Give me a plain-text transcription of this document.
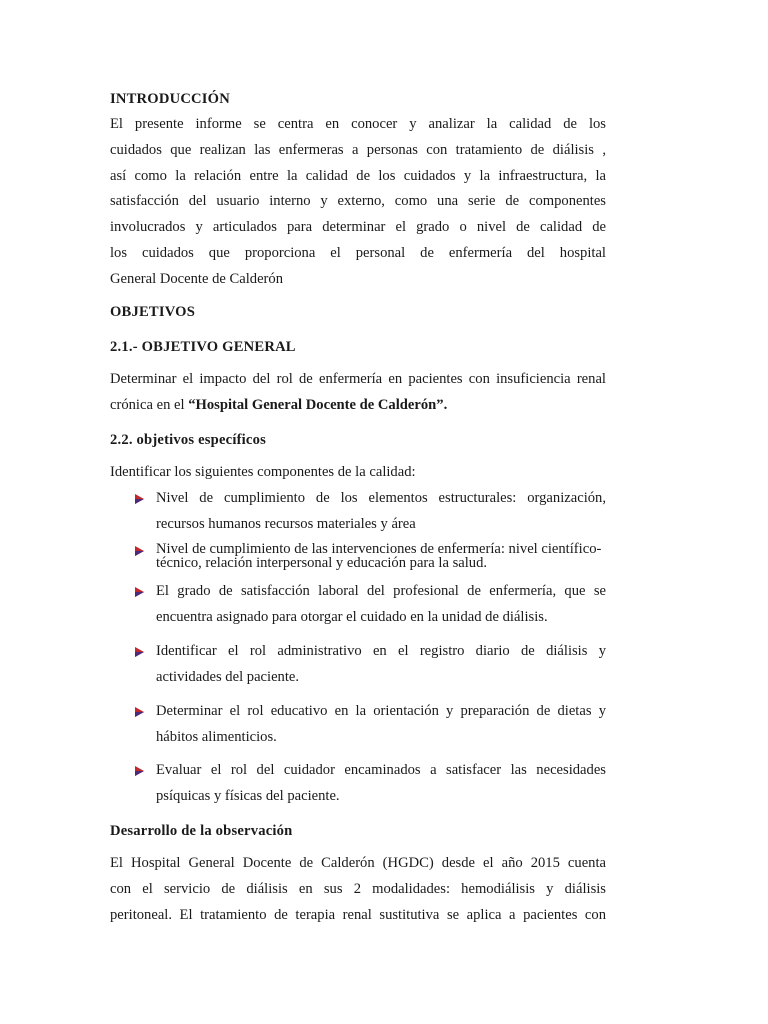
INTRODUCCIÓN
El presente informe se centra en conocer y analizar la calidad de los
cuidados que realizan las enfermeras a personas con tratamiento de diálisis ,
así como la relación entre la calidad de los cuidados y la infraestructura, la
satisfacción del usuario interno y externo, como una serie de componentes
involucrados y articulados para determinar el grado o nivel de calidad de
los cuidados que proporciona el personal de enfermería del hospital
General Docente de Calderón
OBJETIVOS
2.1.- OBJETIVO GENERAL
Determinar el impacto del rol de enfermería en pacientes con insuficiencia renal
crónica en el “Hospital General Docente de Calderón”.
2.2. objetivos específicos
Identificar los siguientes componentes de la calidad:
Nivel de cumplimiento de los elementos estructurales: organización,
recursos humanos recursos materiales y área
Nivel de cumplimiento de las intervenciones de enfermería: nivel científico-
técnico, relación interpersonal y educación para la salud.
El grado de satisfacción laboral del profesional de enfermería, que se
encuentra asignado para otorgar el cuidado en la unidad de diálisis.
Identificar el rol administrativo en el registro diario de diálisis y
actividades del paciente.
Determinar el rol educativo en la orientación y preparación de dietas y
hábitos alimenticios.
Evaluar el rol del cuidador encaminados a satisfacer las necesidades
psíquicas y físicas del paciente.
Desarrollo de la observación
El Hospital General Docente de Calderón (HGDC) desde el año 2015 cuenta
con el servicio de diálisis en sus 2 modalidades: hemodiálisis y diálisis
peritoneal. El tratamiento de terapia renal sustitutiva se aplica a pacientes con
